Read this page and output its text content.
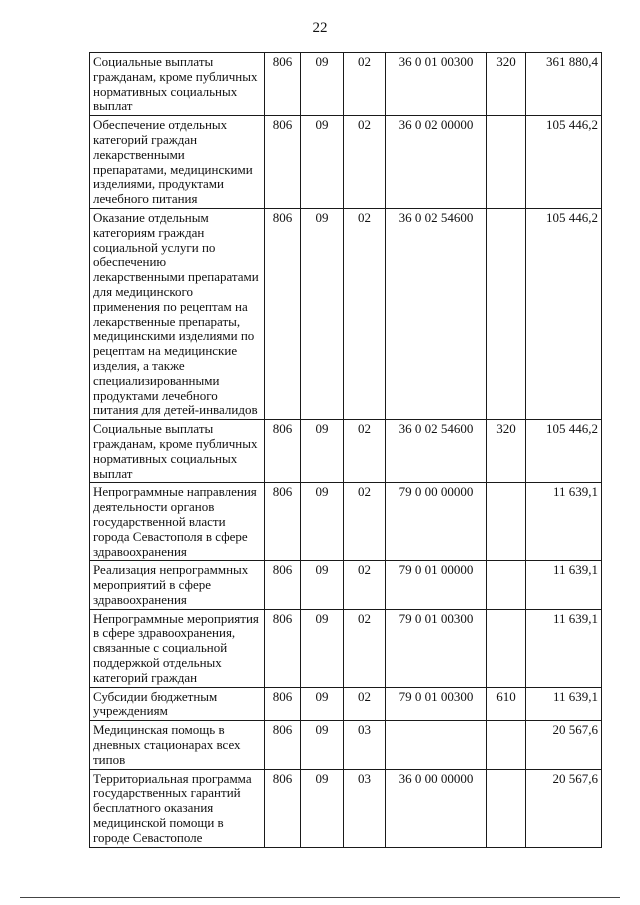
22
Социальные выплаты гражданам, кроме публичных нормативных социальных выплат	806	09	02	36 0 01 00300	320	361 880,4
Обеспечение отдельных категорий граждан лекарственными препаратами, медицинскими изделиями, продуктами лечебного питания	806	09	02	36 0 02 00000		105 446,2
Оказание отдельным категориям граждан социальной услуги по обеспечению лекарственными препаратами для медицинского применения по рецептам на лекарственные препараты, медицинскими изделиями по рецептам на медицинские изделия, а также специализированными продуктами лечебного питания для детей-инвалидов	806	09	02	36 0 02 54600		105 446,2
Социальные выплаты гражданам, кроме публичных нормативных социальных выплат	806	09	02	36 0 02 54600	320	105 446,2
Непрограммные направления деятельности органов государственной власти города Севастополя в сфере здравоохранения	806	09	02	79 0 00 00000		11 639,1
Реализация непрограммных мероприятий в сфере здравоохранения	806	09	02	79 0 01 00000		11 639,1
Непрограммные мероприятия в сфере здравоохранения, связанные с социальной поддержкой отдельных категорий граждан	806	09	02	79 0 01 00300		11 639,1
Субсидии бюджетным учреждениям	806	09	02	79 0 01 00300	610	11 639,1
Медицинская помощь в дневных стационарах всех типов	806	09	03			20 567,6
Территориальная программа государственных гарантий бесплатного оказания медицинской помощи в городе Севастополе	806	09	03	36 0 00 00000		20 567,6
